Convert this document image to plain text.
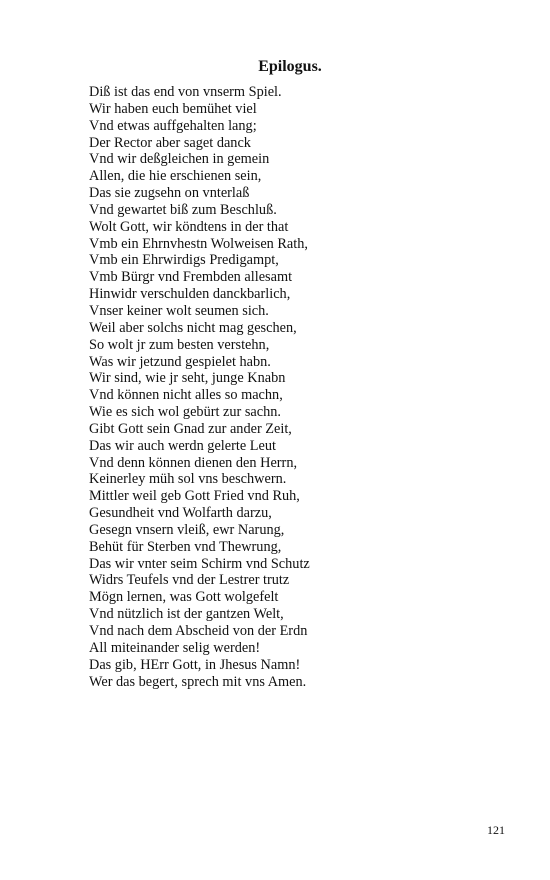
Epilogus.
Diß ist das end von vnserm Spiel.
Wir haben euch bemühet viel
Vnd etwas auffgehalten lang;
Der Rector aber saget danck
Vnd wir deßgleichen in gemein
Allen, die hie erschienen sein,
Das sie zugsehn on vnterlaß
Vnd gewartet biß zum Beschluß.
Wolt Gott, wir köndtens in der that
Vmb ein Ehrnvhestn Wolweisen Rath,
Vmb ein Ehrwirdigs Predigampt,
Vmb Bürgr vnd Frembden allesamt
Hinwidr verschulden danckbarlich,
Vnser keiner wolt seumen sich.
Weil aber solchs nicht mag geschen,
So wolt jr zum besten verstehn,
Was wir jetzund gespielet habn.
Wir sind, wie jr seht, junge Knabn
Vnd können nicht alles so machn,
Wie es sich wol gebürt zur sachn.
Gibt Gott sein Gnad zur ander Zeit,
Das wir auch werdn gelerte Leut
Vnd denn können dienen den Herrn,
Keinerley müh sol vns beschwern.
Mittler weil geb Gott Fried vnd Ruh,
Gesundheit vnd Wolfarth darzu,
Gesegn vnsern vleiß, ewr Narung,
Behüt für Sterben vnd Thewrung,
Das wir vnter seim Schirm vnd Schutz
Widrs Teufels vnd der Lestrer trutz
Mögn lernen, was Gott wolgefelt
Vnd nützlich ist der gantzen Welt,
Vnd nach dem Abscheid von der Erdn
All miteinander selig werden!
Das gib, HErr Gott, in Jhesus Namn!
Wer das begert, sprech mit vns Amen.
121
